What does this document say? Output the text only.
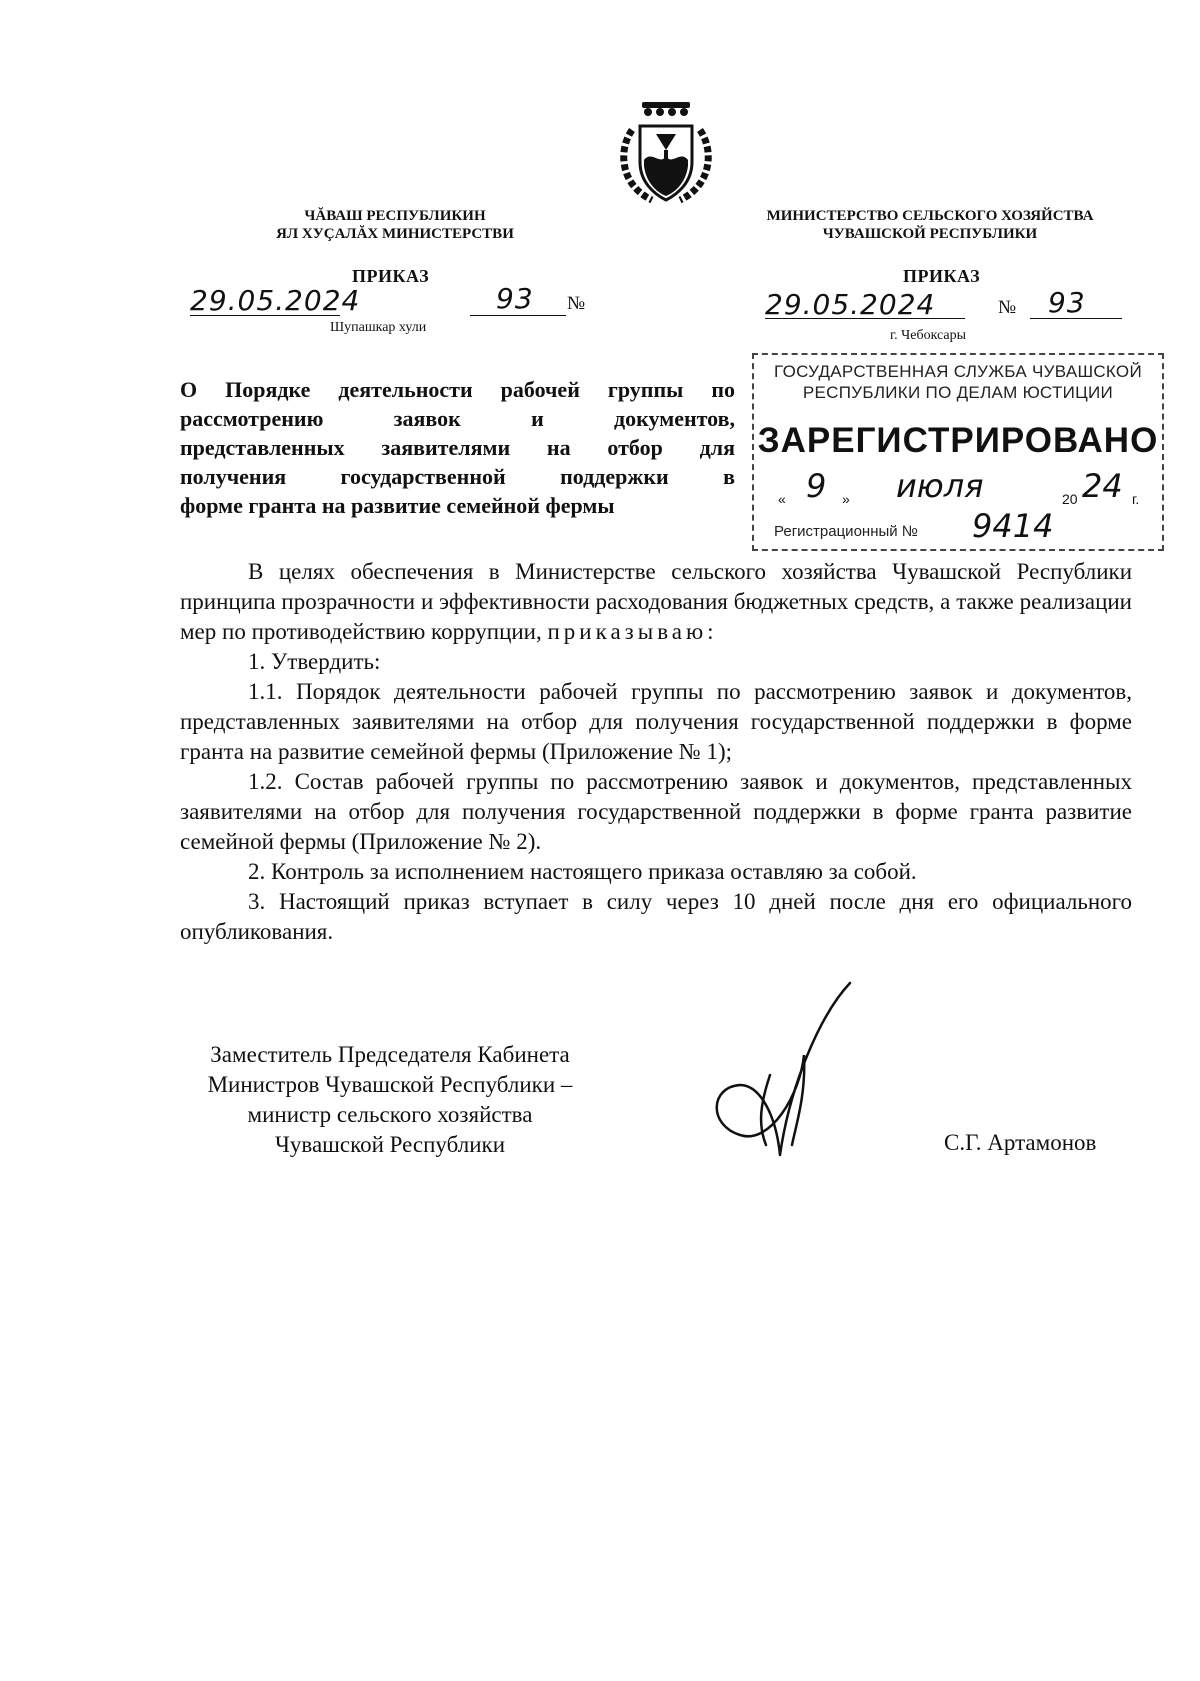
ЧĂВАШ РЕСПУБЛИКИН
ЯЛ ХУÇАЛĂХ МИНИСТЕРСТВИ
ПРИКАЗ
29.05.2024	93 №
Шупашкар хули
МИНИСТЕРСТВО СЕЛЬСКОГО ХОЗЯЙСТВА
ЧУВАШСКОЙ РЕСПУБЛИКИ
ПРИКАЗ
29.05.2024	№ 93
г. Чебоксары
О Порядке деятельности рабочей группы по
рассмотрению заявок и документов,
представленных заявителями на отбор для
получения государственной поддержки в
форме гранта на развитие семейной фермы
ГОСУДАРСТВЕННАЯ СЛУЖБА ЧУВАШСКОЙ
РЕСПУБЛИКИ ПО ДЕЛАМ ЮСТИЦИИ
ЗАРЕГИСТРИРОВАНО
« 9 » июля	20 24 г.
Регистрационный № 9414

В целях обеспечения в Министерстве сельского хозяйства Чувашской Республики принципа прозрачности и эффективности расходования бюджетных средств, а также реализации мер по противодействию коррупции, приказываю:

1. Утвердить:

1.1. Порядок деятельности рабочей группы по рассмотрению заявок и документов, представленных заявителями на отбор для получения государственной поддержки в форме гранта на развитие семейной фермы (Приложение № 1);

1.2. Состав рабочей группы по рассмотрению заявок и документов, представленных заявителями на отбор для получения государственной поддержки в форме гранта развитие семейной фермы (Приложение № 2).

2. Контроль за исполнением настоящего приказа оставляю за собой.

3. Настоящий приказ вступает в силу через 10 дней после дня его официального опубликования.

Заместитель Председателя Кабинета
Министров Чувашской Республики –
министр сельского хозяйства
Чувашской Республики	С.Г. Артамонов
